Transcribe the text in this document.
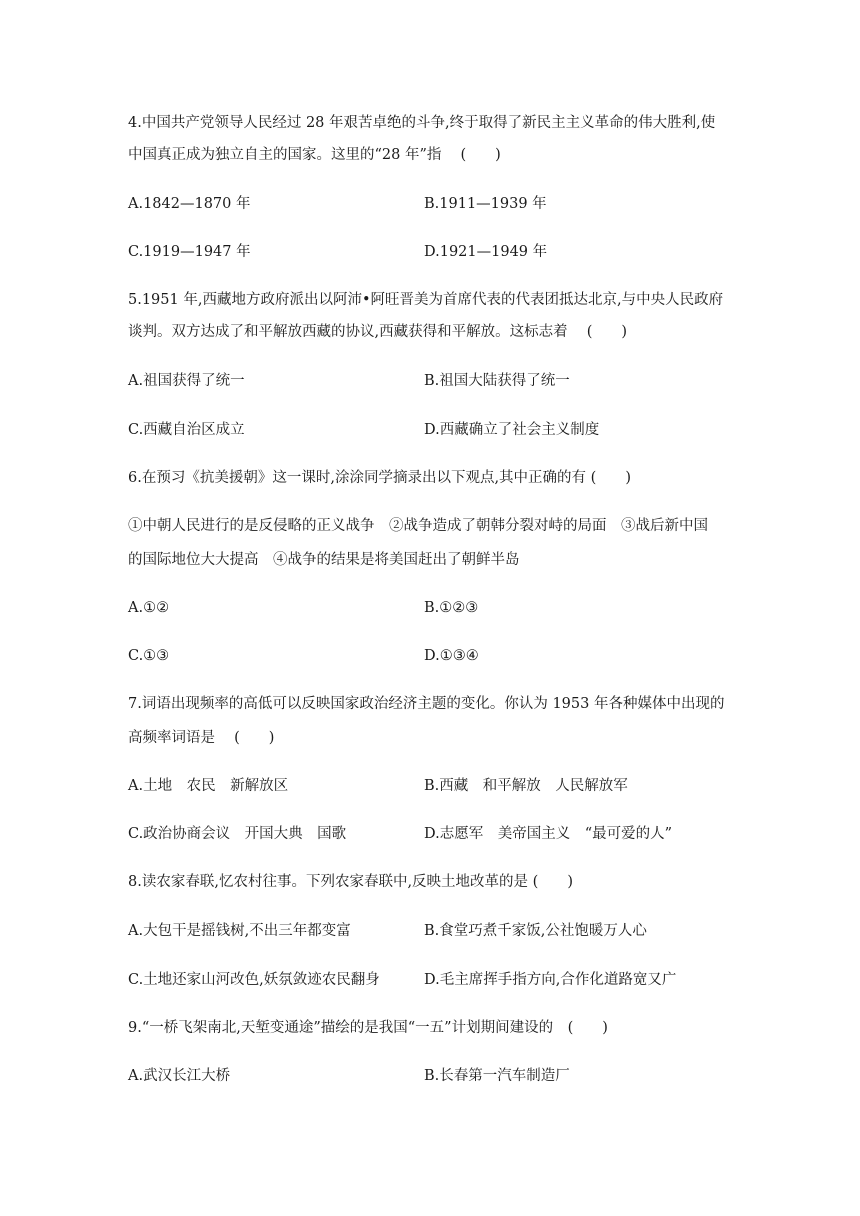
4.中国共产党领导人民经过 28 年艰苦卓绝的斗争,终于取得了新民主主义革命的伟大胜利,使
中国真正成为独立自主的国家。这里的“28 年”指　 (　　)
A.1842—1870 年	B.1911—1939 年
C.1919—1947 年	D.1921—1949 年
5.1951 年,西藏地方政府派出以阿沛•阿旺晋美为首席代表的代表团抵达北京,与中央人民政府
谈判。双方达成了和平解放西藏的协议,西藏获得和平解放。这标志着　 (　　)
A.祖国获得了统一	B.祖国大陆获得了统一
C.西藏自治区成立	D.西藏确立了社会主义制度
6.在预习《抗美援朝》这一课时,涂涂同学摘录出以下观点,其中正确的有 (　　)
①中朝人民进行的是反侵略的正义战争　②战争造成了朝韩分裂对峙的局面　③战后新中国
的国际地位大大提高　④战争的结果是将美国赶出了朝鲜半岛
A.①②	B.①②③
C.①③	D.①③④
7.词语出现频率的高低可以反映国家政治经济主题的变化。你认为 1953 年各种媒体中出现的
高频率词语是　 (　　)
A.土地　农民　新解放区	B.西藏　和平解放　人民解放军
C.政治协商会议　开国大典　国歌	D.志愿军　美帝国主义　“最可爱的人”
8.读农家春联,忆农村往事。下列农家春联中,反映土地改革的是 (　　)
A.大包干是摇钱树,不出三年都变富	B.食堂巧煮千家饭,公社饱暖万人心
C.土地还家山河改色,妖氛敛迹农民翻身	D.毛主席挥手指方向,合作化道路宽又广
9.“一桥飞架南北,天堑变通途”描绘的是我国“一五”计划期间建设的　(　　)
A.武汉长江大桥	B.长春第一汽车制造厂
